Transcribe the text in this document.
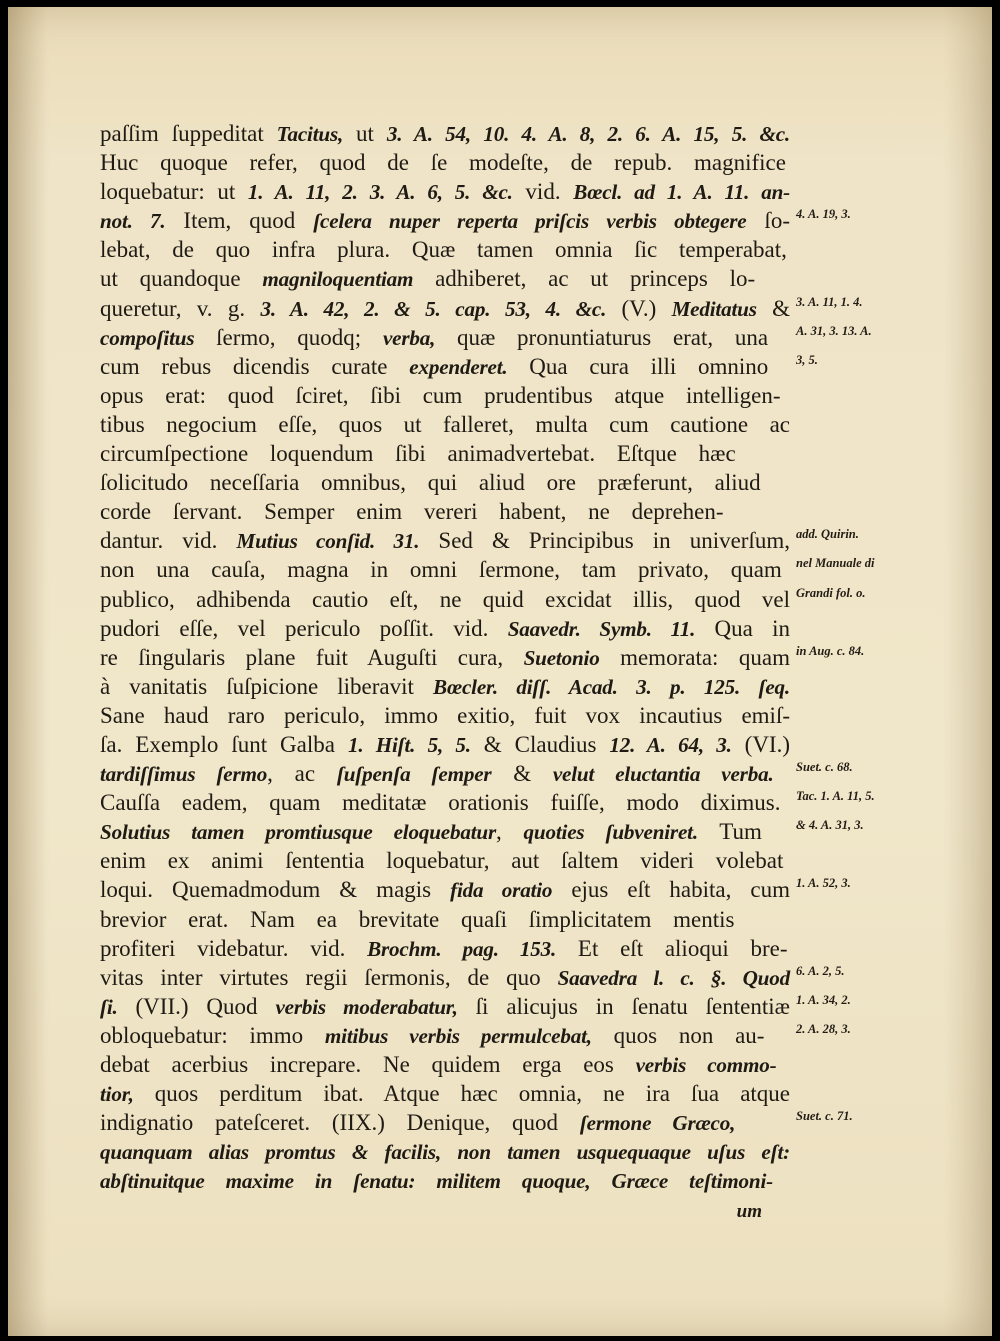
paſſim ſuppeditat Tacitus, ut 3. A. 54, 10. 4. A. 8, 2. 6. A. 15, 5. &c.
Huc quoque refer, quod de ſe modeſte, de repub. magnifice
loquebatur: ut 1. A. 11, 2. 3. A. 6, 5. &c. vid. Bœcl. ad 1. A. 11. an-
not. 7. Item, quod ſcelera nuper reperta priſcis verbis obtegere ſo- 4. A. 19, 3.
lebat, de quo infra plura. Quæ tamen omnia ſic temperabat,
ut quandoque magniloquentiam adhiberet, ac ut princeps lo-
queretur, v. g. 3. A. 42, 2. & 5. cap. 53, 4. &c. (V.) Meditatus & 3. A. 11, 1. 4.
compoſitus ſermo, quodq; verba, quæ pronuntiaturus erat, una A. 31, 3. 13. A.
cum rebus dicendis curate expenderet. Qua cura illi omnino 3, 5.
opus erat: quod ſciret, ſibi cum prudentibus atque intelligen-
tibus negocium eſſe, quos ut falleret, multa cum cautione ac
circumſpectione loquendum ſibi animadvertebat. Eſtque hæc
ſolicitudo neceſſaria omnibus, qui aliud ore præferunt, aliud
corde ſervant. Semper enim vereri habent, ne deprehen-
dantur. vid. Mutius conſid. 31. Sed & Principibus in univerſum, add. Quirin.
non una cauſa, magna in omni ſermone, tam privato, quam nel Manuale di
publico, adhibenda cautio eſt, ne quid excidat illis, quod vel Grandi fol. o.
pudori eſſe, vel periculo poſſit. vid. Saavedr. Symb. 11. Qua in
re ſingularis plane fuit Auguſti cura, Suetonio memorata: quam in Aug. c. 84.
à vanitatis ſuſpicione liberavit Bœcler. diſſ. Acad. 3. p. 125. ſeq.
Sane haud raro periculo, immo exitio, fuit vox incautius emiſ-
ſa. Exemplo ſunt Galba 1. Hiſt. 5, 5. & Claudius 12. A. 64, 3. (VI.)
tardiſſimus ſermo, ac ſuſpenſa ſemper & velut eluctantia verba. Suet. c. 68.
Cauſſa eadem, quam meditatæ orationis fuiſſe, modo diximus. Tac. 1. A. 11, 5.
Solutius tamen promtiusque eloquebatur, quoties ſubveniret. Tum	& 4. A. 31, 3.
enim ex animi ſententia loquebatur, aut ſaltem videri volebat
loqui. Quemadmodum & magis fida oratio ejus eſt habita, cum 1. A. 52, 3.
brevior erat. Nam ea brevitate quaſi ſimplicitatem mentis
profiteri videbatur. vid. Brochm. pag. 153. Et eſt alioqui bre-
vitas inter virtutes regii ſermonis, de quo Saavedra l. c. §. Quod 6. A. 2, 5.
ſi. (VII.) Quod verbis moderabatur, ſi alicujus in ſenatu ſententiæ 1. A. 34, 2.
obloquebatur: immo mitibus verbis permulcebat, quos non au-	2. A. 28, 3.
debat acerbius increpare. Ne quidem erga eos verbis commo-
tior, quos perditum ibat. Atque hæc omnia, ne ira ſua atque
indignatio pateſceret. (IIX.) Denique, quod ſermone Græco,	Suet. c. 71.
quanquam alias promtus & facilis, non tamen usquequaque uſus eſt:
abſtinuitque maxime in ſenatu: militem quoque, Græce teſtimoni-
um
